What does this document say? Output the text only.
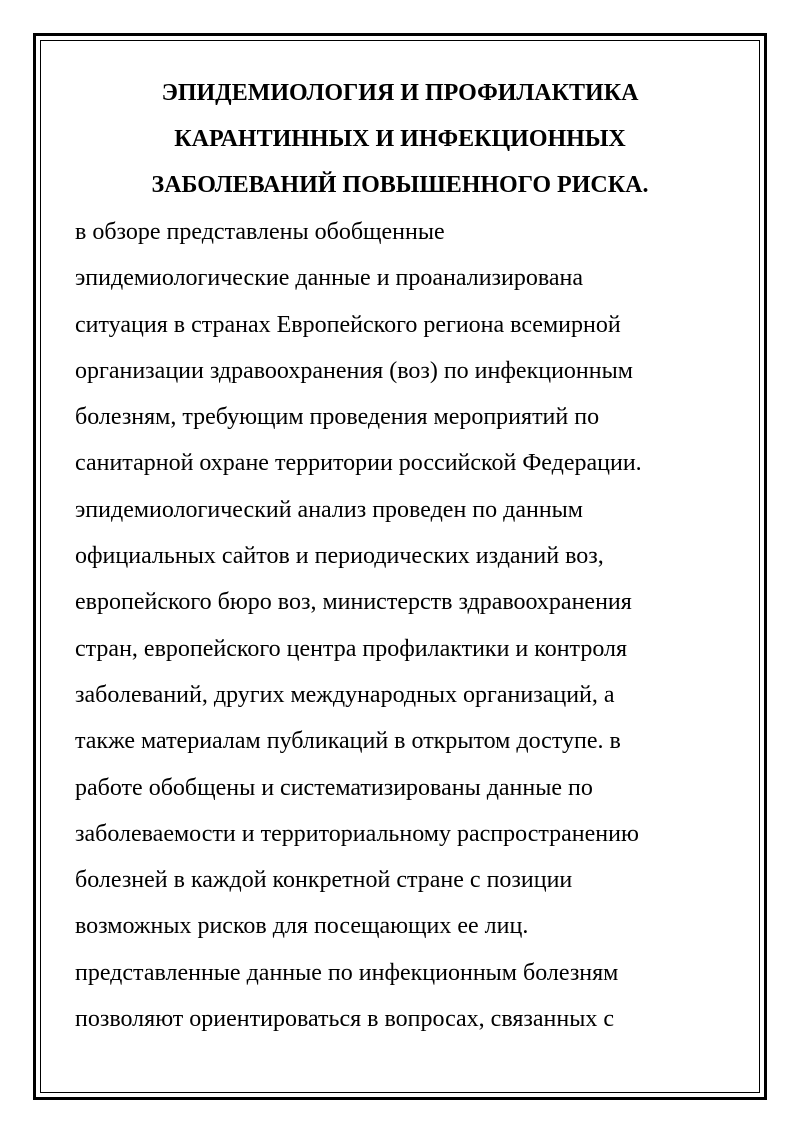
ЭПИДЕМИОЛОГИЯ И ПРОФИЛАКТИКА
КАРАНТИННЫХ И ИНФЕКЦИОННЫХ
ЗАБОЛЕВАНИЙ ПОВЫШЕННОГО РИСКА.
в обзоре представлены обобщенные
эпидемиологические данные и проанализирована
ситуация в странах Европейского региона всемирной
организации здравоохранения (воз) по инфекционным
болезням, требующим проведения мероприятий по
санитарной охране территории российской Федерации.
эпидемиологический анализ проведен по данным
официальных сайтов и периодических изданий воз,
европейского бюро воз, министерств здравоохранения
стран, европейского центра профилактики и контроля
заболеваний, других международных организаций, а
также материалам публикаций в открытом доступе. в
работе обобщены и систематизированы данные по
заболеваемости и территориальному распространению
болезней в каждой конкретной стране с позиции
возможных рисков для посещающих ее лиц.
представленные данные по инфекционным болезням
позволяют ориентироваться в вопросах, связанных с
